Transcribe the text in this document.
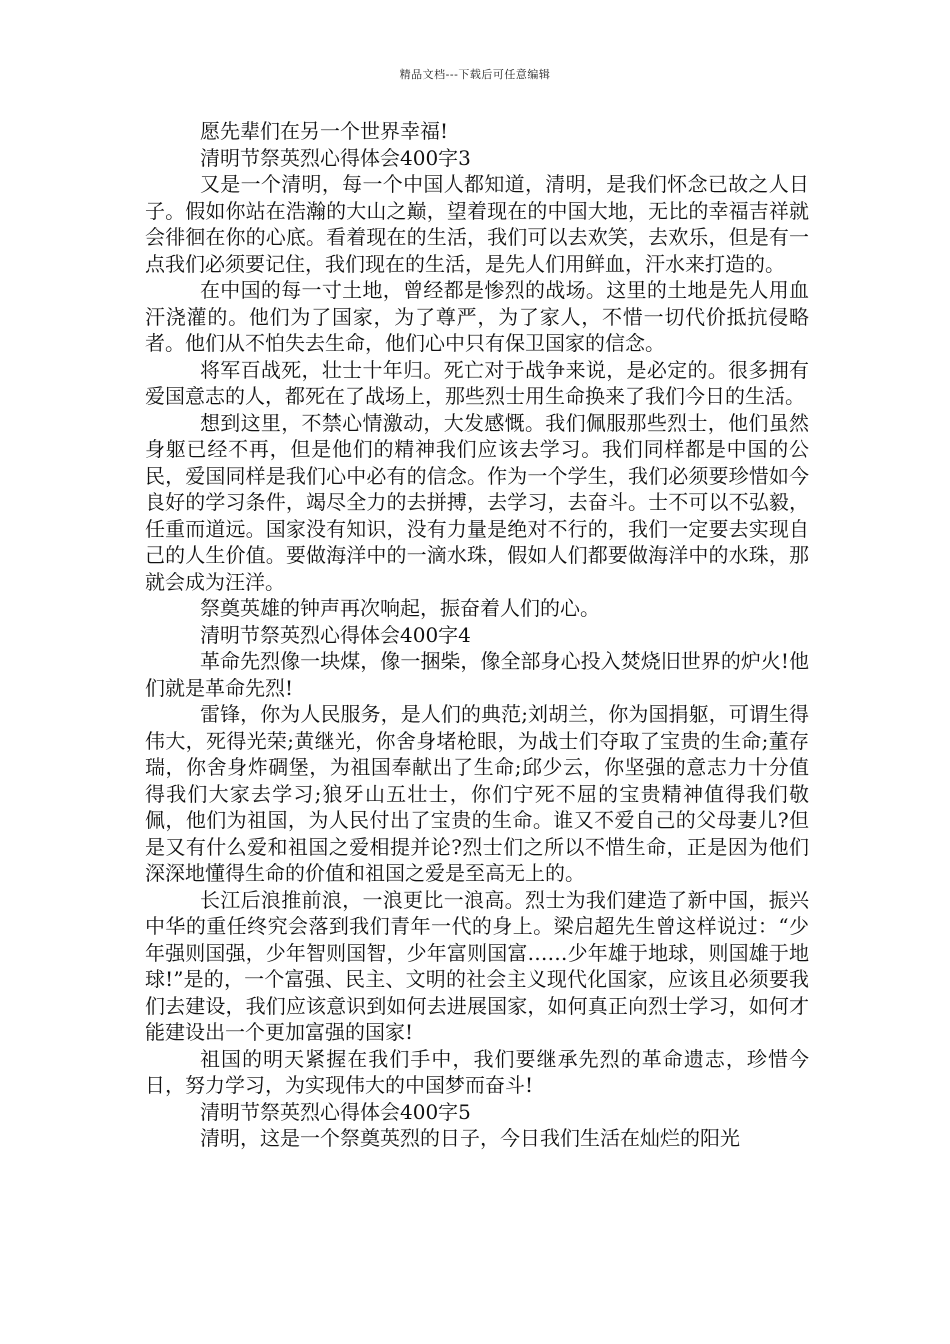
精品文档---下载后可任意编辑

愿先辈们在另一个世界幸福!

清明节祭英烈心得体会400字3

又是一个清明，每一个中国人都知道，清明，是我们怀念已故之人日子。假如你站在浩瀚的大山之巅，望着现在的中国大地，无比的幸福吉祥就会徘徊在你的心底。看着现在的生活，我们可以去欢笑，去欢乐，但是有一点我们必须要记住，我们现在的生活，是先人们用鲜血，汗水来打造的。

在中国的每一寸土地，曾经都是惨烈的战场。这里的土地是先人用血汗浇灌的。他们为了国家，为了尊严，为了家人，不惜一切代价抵抗侵略者。他们从不怕失去生命，他们心中只有保卫国家的信念。

将军百战死，壮士十年归。死亡对于战争来说，是必定的。很多拥有爱国意志的人，都死在了战场上，那些烈士用生命换来了我们今日的生活。

想到这里，不禁心情激动，大发感慨。我们佩服那些烈士，他们虽然身躯已经不再，但是他们的精神我们应该去学习。我们同样都是中国的公民，爱国同样是我们心中必有的信念。作为一个学生，我们必须要珍惜如今良好的学习条件，竭尽全力的去拼搏，去学习，去奋斗。士不可以不弘毅，任重而道远。国家没有知识，没有力量是绝对不行的，我们一定要去实现自己的人生价值。要做海洋中的一滴水珠，假如人们都要做海洋中的水珠，那就会成为汪洋。

祭奠英雄的钟声再次响起，振奋着人们的心。

清明节祭英烈心得体会400字4

革命先烈像一块煤，像一捆柴，像全部身心投入焚烧旧世界的炉火!他们就是革命先烈!

雷锋，你为人民服务，是人们的典范;刘胡兰，你为国捐躯，可谓生得伟大，死得光荣;黄继光，你舍身堵枪眼，为战士们夺取了宝贵的生命;董存瑞，你舍身炸碉堡，为祖国奉献出了生命;邱少云，你坚强的意志力十分值得我们大家去学习;狼牙山五壮士，你们宁死不屈的宝贵精神值得我们敬佩，他们为祖国，为人民付出了宝贵的生命。谁又不爱自己的父母妻儿?但是又有什么爱和祖国之爱相提并论?烈士们之所以不惜生命，正是因为他们深深地懂得生命的价值和祖国之爱是至高无上的。

长江后浪推前浪，一浪更比一浪高。烈士为我们建造了新中国，振兴中华的重任终究会落到我们青年一代的身上。梁启超先生曾这样说过：“少年强则国强，少年智则国智，少年富则国富……少年雄于地球，则国雄于地球!”是的，一个富强、民主、文明的社会主义现代化国家，应该且必须要我们去建设，我们应该意识到如何去进展国家，如何真正向烈士学习，如何才能建设出一个更加富强的国家!

祖国的明天紧握在我们手中，我们要继承先烈的革命遗志，珍惜今日，努力学习，为实现伟大的中国梦而奋斗!

清明节祭英烈心得体会400字5

清明，这是一个祭奠英烈的日子，今日我们生活在灿烂的阳光
